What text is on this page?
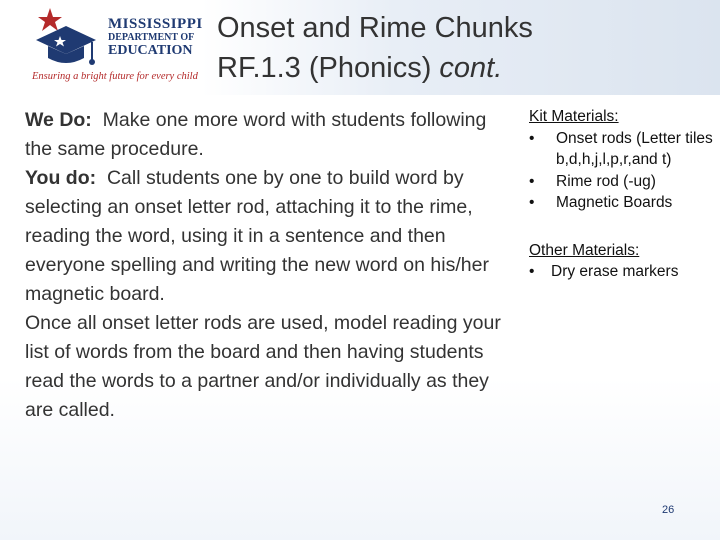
MISSISSIPPI
DEPARTMENT OF
EDUCATION
Ensuring a bright future for every child
Onset and Rime Chunks
RF.1.3 (Phonics) cont.

We Do: Make one more word with students following the same procedure.

You do: Call students one by one to build word by selecting an onset letter rod, attaching it to the rime, reading the word, using it in a sentence and then everyone spelling and writing the new word on his/her magnetic board.

Once all onset letter rods are used, model reading your list of words from the board and then having students read the words to a partner and/or individually as they are called.

Kit Materials:
• Onset rods (Letter tiles b,d,h,j,l,p,r,and t)
• Rime rod (-ug)
• Magnetic Boards
Other Materials:
• Dry erase markers
26
